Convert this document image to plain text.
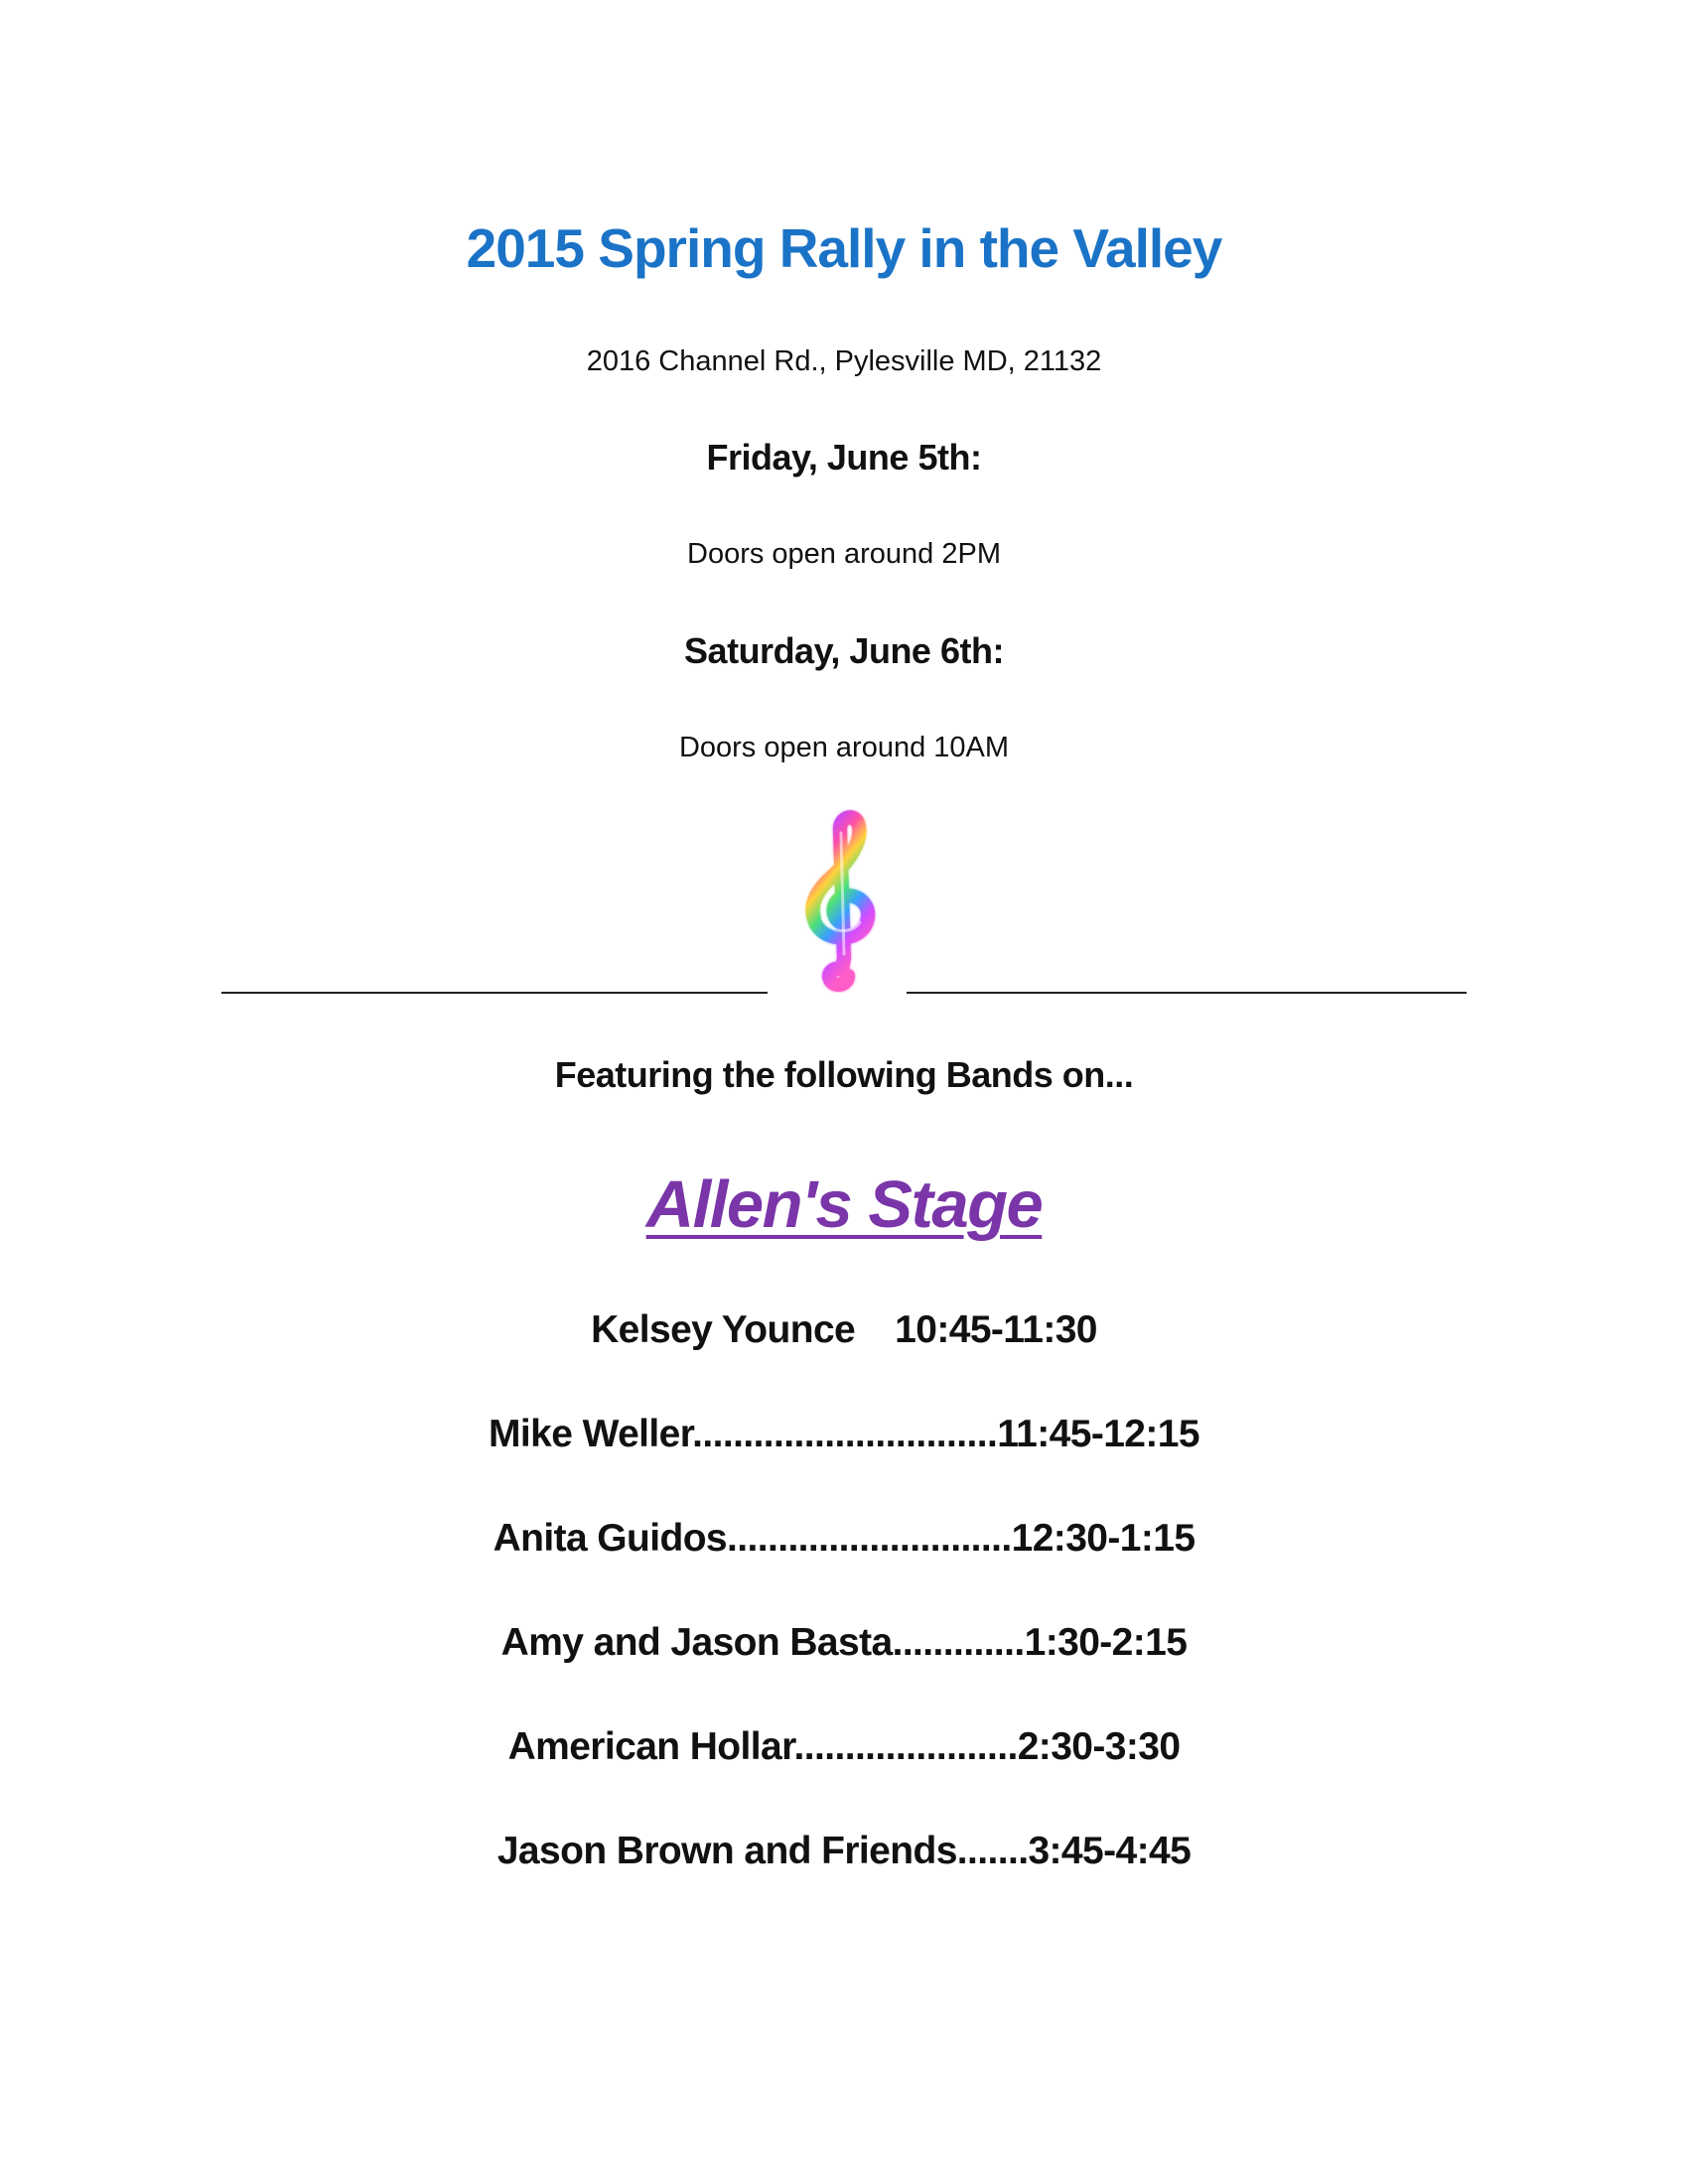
2015 Spring Rally in the Valley
2016 Channel Rd., Pylesville MD, 21132
Friday, June 5th:
Doors open around 2PM
Saturday, June 6th:
Doors open around 10AM
Featuring the following Bands on...
Allen's Stage
Kelsey Younce 10:45-11:30
Mike Weller..............................11:45-12:15
Anita Guidos............................12:30-1:15
Amy and Jason Basta.............1:30-2:15
American Hollar......................2:30-3:30
Jason Brown and Friends.......3:45-4:45
